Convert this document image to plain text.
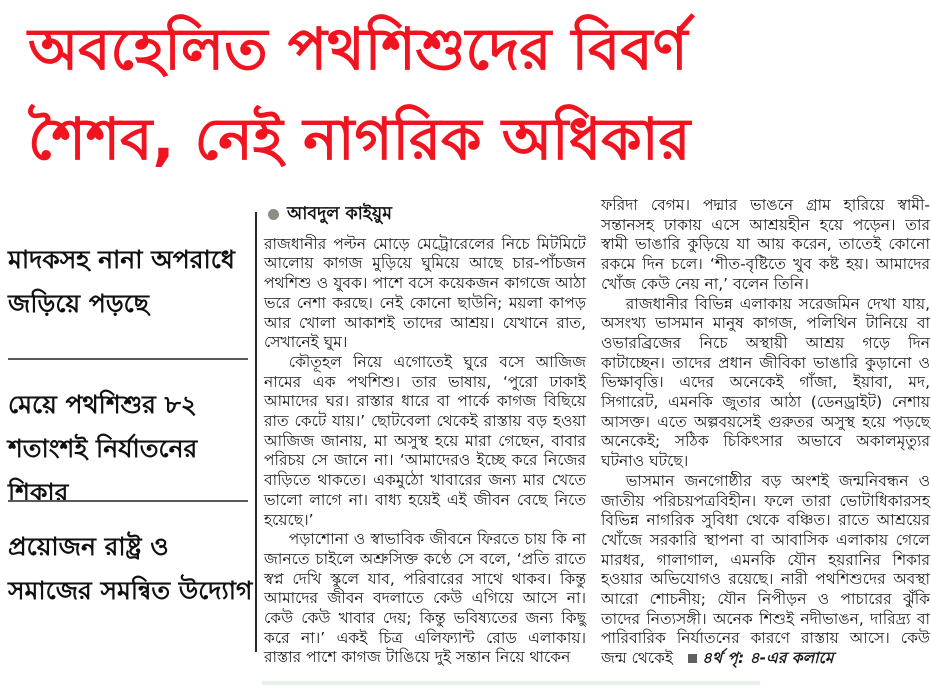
অবহেলিত পথশিশুদের বিবর্ণ
শৈশব, নেই নাগরিক অধিকার
মাদকসহ নানা অপরাধে জড়িয়ে পড়ছে
মেয়ে পথশিশুর ৮২ শতাংশই নির্যাতনের শিকার
প্রয়োজন রাষ্ট্র ও সমাজের সমন্বিত উদ্যোগ
আবদুল কাইয়ুম

রাজধানীর পল্টন মোড়ে মেট্রোরেলের নিচে মিটমিটে আলোয় কাগজ মুড়িয়ে ঘুমিয়ে আছে চার-পাঁচজন পথশিশু ও যুবক। পাশে বসে কয়েকজন কাগজে আঠা ভরে নেশা করছে। নেই কোনো ছাউনি; ময়লা কাপড় আর খোলা আকাশই তাদের আশ্রয়। যেখানে রাত, সেখানেই ঘুম।

কৌতূহল নিয়ে এগোতেই ঘুরে বসে আজিজ নামের এক পথশিশু। তার ভাষায়, ‘পুরো ঢাকাই আমাদের ঘর। রাস্তার ধারে বা পার্কে কাগজ বিছিয়ে রাত কেটে যায়।’ ছোটবেলা থেকেই রাস্তায় বড় হওয়া আজিজ জানায়, মা অসুস্থ হয়ে মারা গেছেন, বাবার পরিচয় সে জানে না। ‘আমাদেরও ইচ্ছে করে নিজের বাড়িতে থাকতে। একমুঠো খাবারের জন্য মার খেতে ভালো লাগে না। বাধ্য হয়েই এই জীবন বেছে নিতে হয়েছে।’

পড়াশোনা ও স্বাভাবিক জীবনে ফিরতে চায় কি না জানতে চাইলে অশ্রুসিক্ত কণ্ঠে সে বলে, ‘প্রতি রাতে স্বপ্ন দেখি স্কুলে যাব, পরিবারের সাথে থাকব। কিন্তু আমাদের জীবন বদলাতে কেউ এগিয়ে আসে না। কেউ কেউ খাবার দেয়; কিন্তু ভবিষ্যতের জন্য কিছু করে না।’ একই চিত্র এলিফ্যান্ট রোড এলাকায়। রাস্তার পাশে কাগজ টাঙিয়ে দুই সন্তান নিয়ে থাকেন

ফরিদা বেগম। পদ্মার ভাঙনে গ্রাম হারিয়ে স্বামী-সন্তানসহ ঢাকায় এসে আশ্রয়হীন হয়ে পড়েন। তার স্বামী ভাঙারি কুড়িয়ে যা আয় করেন, তাতেই কোনো রকমে দিন চলে। ‘শীত-বৃষ্টিতে খুব কষ্ট হয়। আমাদের খোঁজ কেউ নেয় না,’ বলেন তিনি।

রাজধানীর বিভিন্ন এলাকায় সরেজমিন দেখা যায়, অসংখ্য ভাসমান মানুষ কাগজ, পলিথিন টানিয়ে বা ওভারব্রিজের নিচে অস্থায়ী আশ্রয় গড়ে দিন কাটাচ্ছেন। তাদের প্রধান জীবিকা ভাঙারি কুড়ানো ও ভিক্ষাবৃত্তি। এদের অনেকেই গাঁজা, ইয়াবা, মদ, সিগারেট, এমনকি জুতার আঠা (ডেনড্রাইট) নেশায় আসক্ত। এতে অল্পবয়সেই গুরুতর অসুস্থ হয়ে পড়ছে অনেকেই; সঠিক চিকিৎসার অভাবে অকালমৃত্যুর ঘটনাও ঘটছে।

ভাসমান জনগোষ্ঠীর বড় অংশই জন্মনিবন্ধন ও জাতীয় পরিচয়পত্রবিহীন। ফলে তারা ভোটাধিকারসহ বিভিন্ন নাগরিক সুবিধা থেকে বঞ্চিত। রাতে আশ্রয়ের খোঁজে সরকারি স্থাপনা বা আবাসিক এলাকায় গেলে মারধর, গালাগাল, এমনকি যৌন হয়রানির শিকার হওয়ার অভিযোগও রয়েছে। নারী পথশিশুদের অবস্থা আরো শোচনীয়; যৌন নিপীড়ন ও পাচারের ঝুঁকি তাদের নিত্যসঙ্গী। অনেক শিশুই নদীভাঙন, দারিদ্র্য বা পারিবারিক নির্যাতনের কারণে রাস্তায় আসে। কেউ জন্ম থেকেই ৪র্থ পৃ: ৪-এর কলামে
